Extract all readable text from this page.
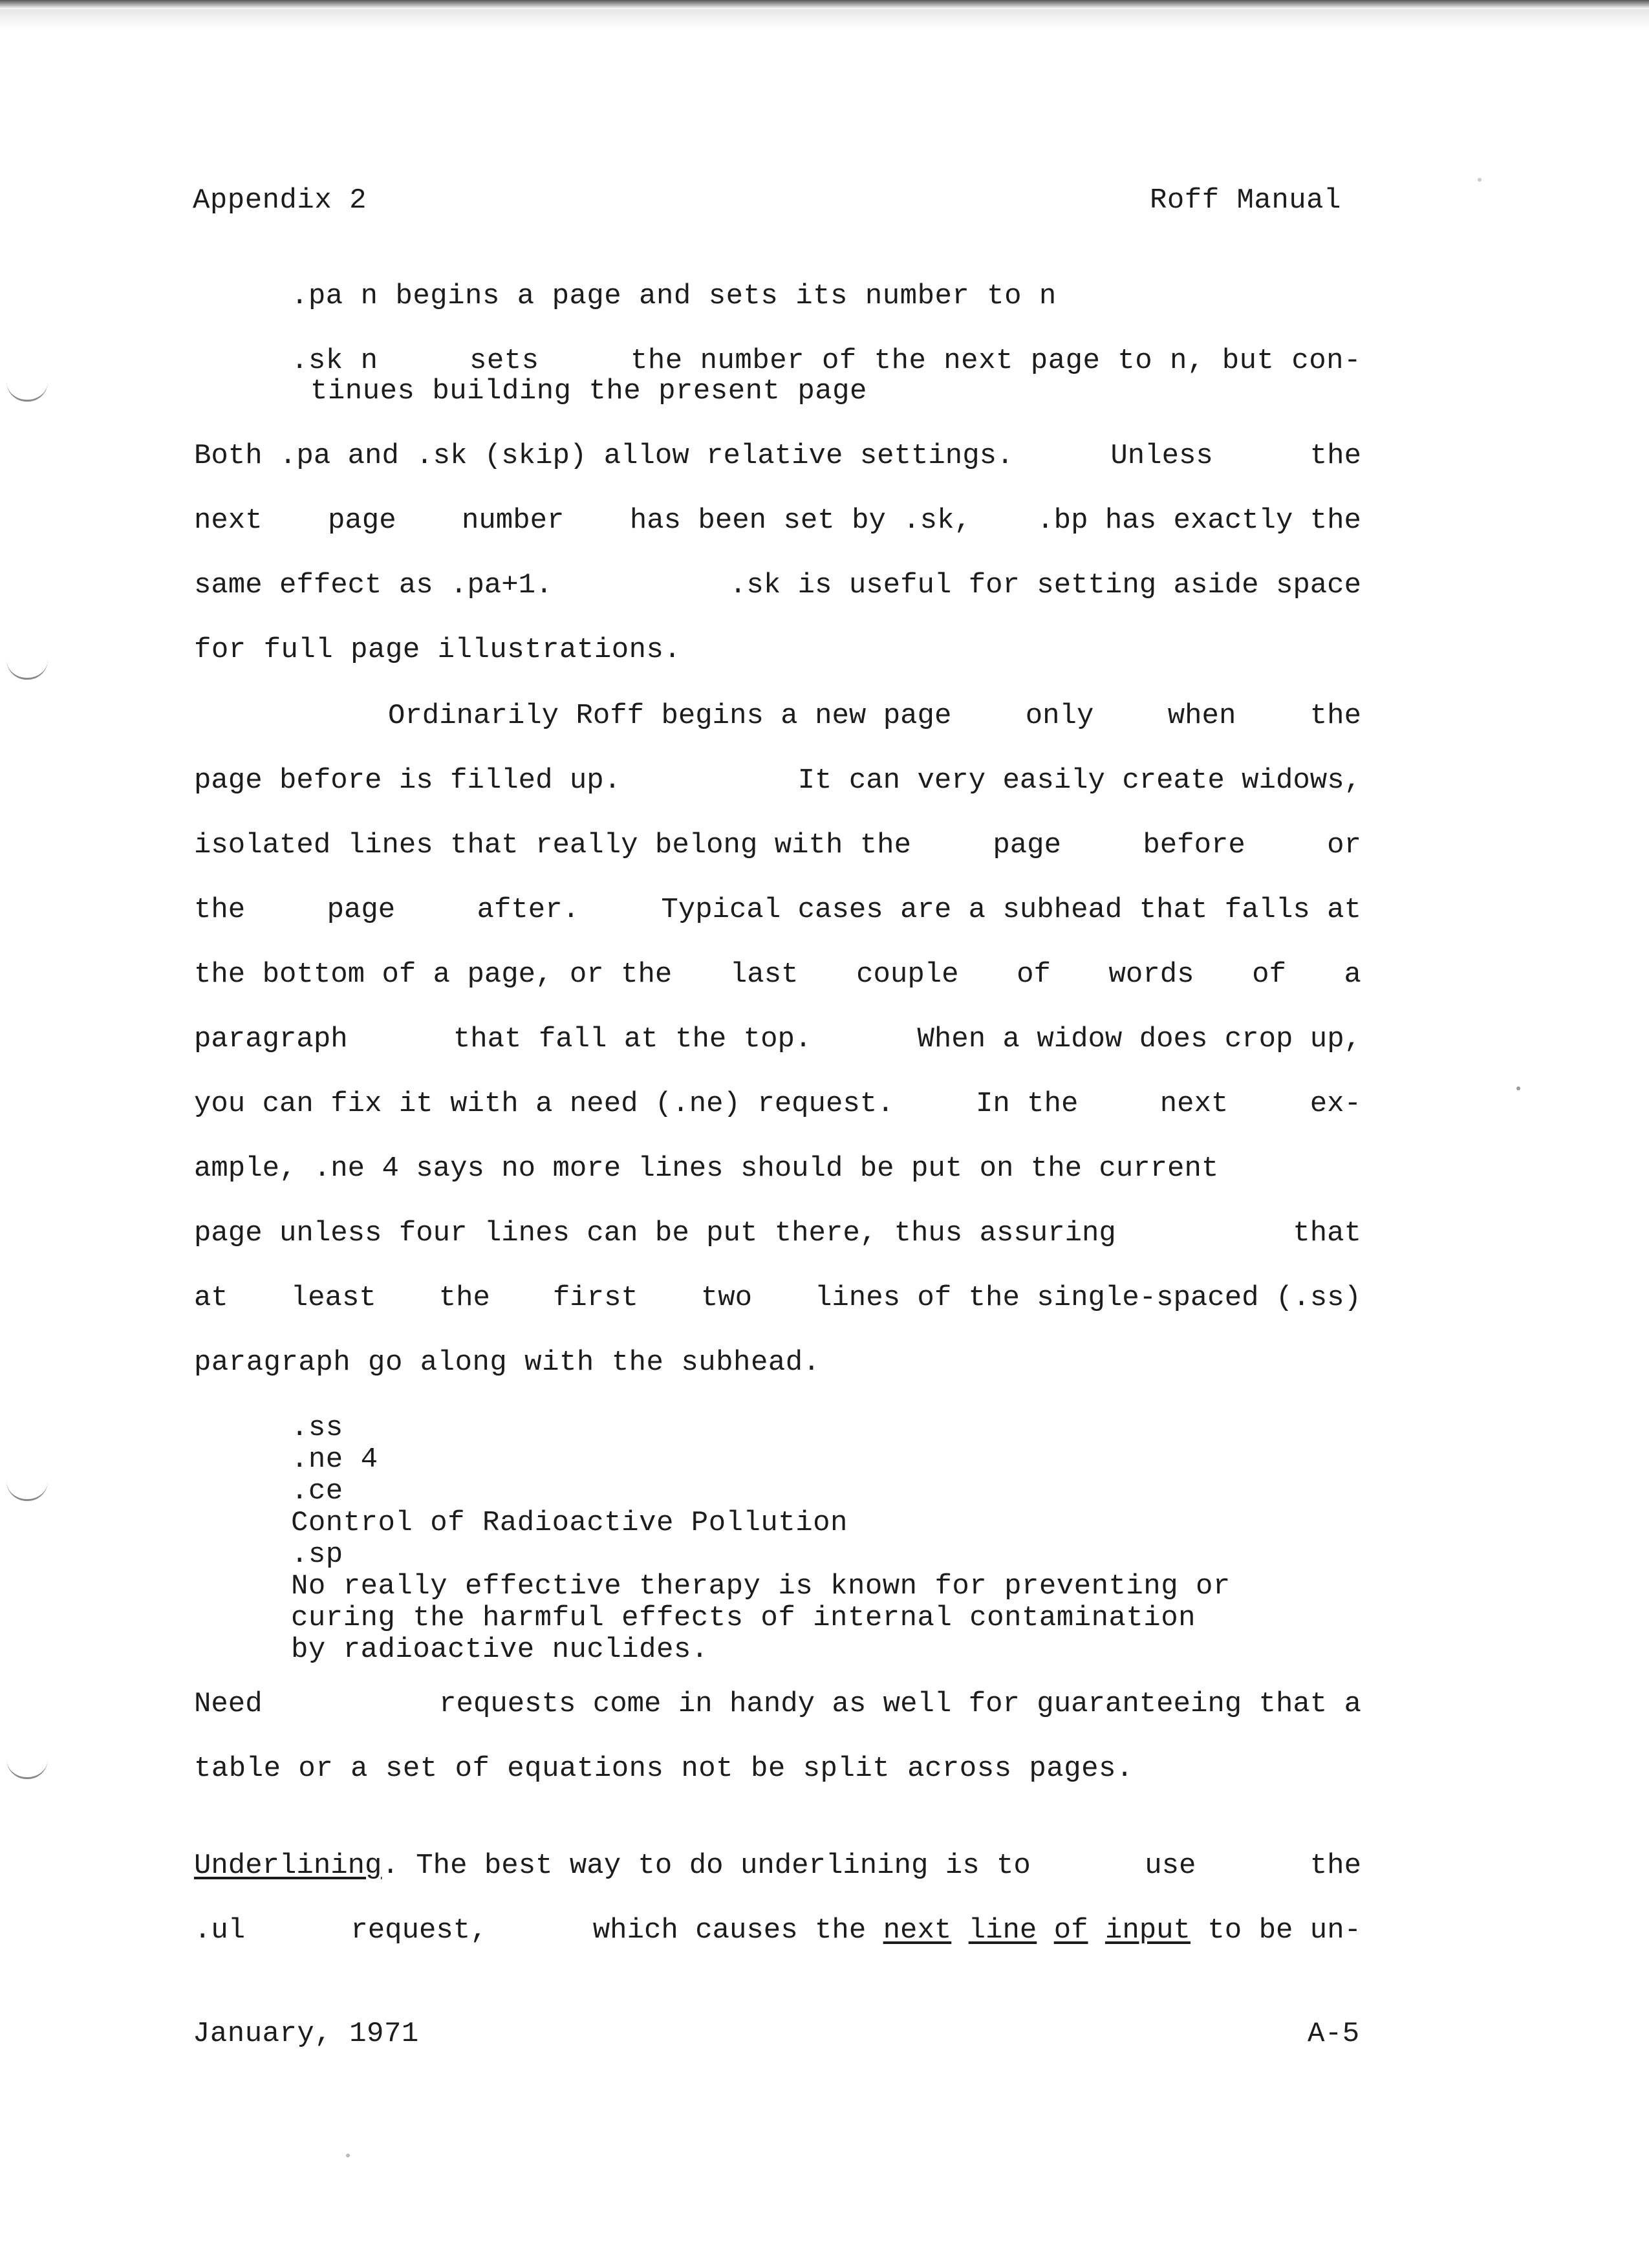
Appendix 2	Roff Manual
.pa n begins a page and sets its number to n
.sk n	sets	the number of the next page to n, but con-
tinues building the present page
Both .pa and .sk (skip) allow relative settings.	Unless	the
next page number has been set by .sk, .bp has exactly the
same effect as .pa+1.	.sk is useful for setting aside space
for full page illustrations.
Ordinarily Roff begins a new page	only	when	the
page before is filled up.	It can very easily create widows,
isolated lines that really belong with the	page	before	or
the	page	after.	Typical cases are a subhead that falls at
the bottom of a page, or the last couple of words of a
paragraph	that fall at the top.	When a widow does crop up,
you can fix it with a need (.ne) request.	In the	next	ex-
ample, .ne 4 says no more lines should be put on the current
page unless four lines can be put there, thus assuring	that
at least the first two lines of the single-spaced (.ss)
paragraph go along with the subhead.
.ss
.ne 4
.ce
Control of Radioactive Pollution
.sp
No really effective therapy is known for preventing or
curing the harmful effects of internal contamination
by radioactive nuclides.
Need	requests come in handy as well for guaranteeing that a
table or a set of equations not be split across pages.
Underlining. The best way to do underlining is to	use	the
.ul	request,	which causes the next line of input to be un-
January, 1971	A-5
